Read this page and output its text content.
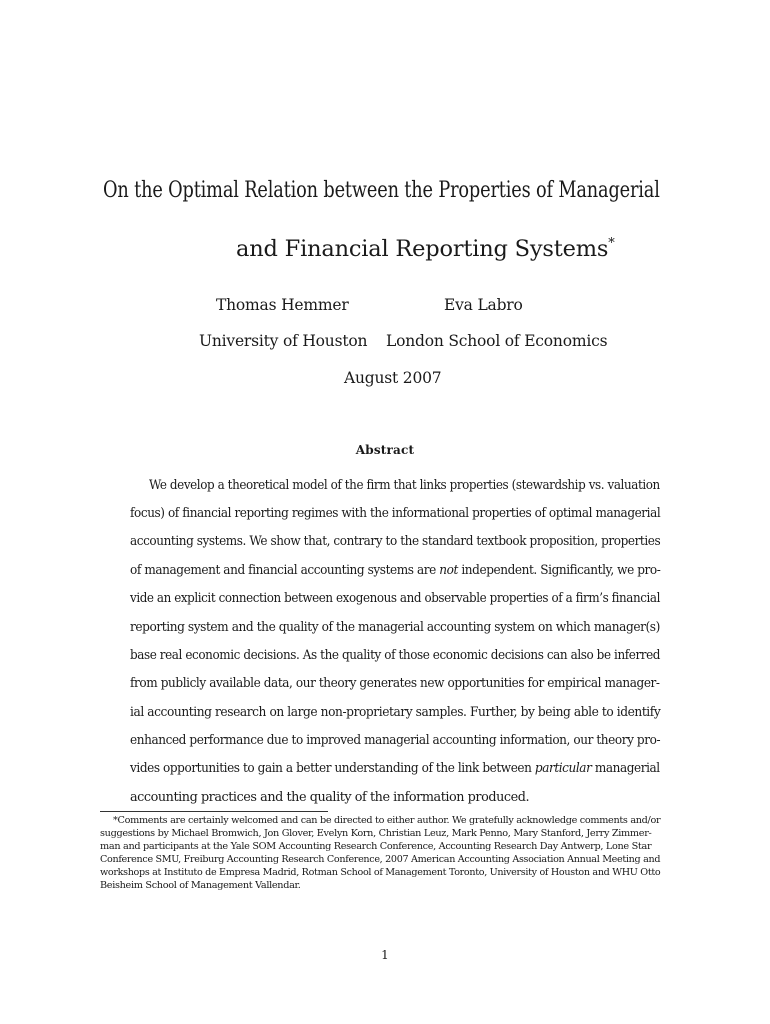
On the Optimal Relation between the Properties of Managerial
and Financial Reporting Systems*
Thomas Hemmer	Eva Labro
University of Houston London School of Economics
August 2007
Abstract
We develop a theoretical model of the firm that links properties (stewardship vs. valuation
focus) of financial reporting regimes with the informational properties of optimal managerial
accounting systems. We show that, contrary to the standard textbook proposition, properties
of management and financial accounting systems are not independent. Significantly, we pro-
vide an explicit connection between exogenous and observable properties of a firm’s financial
reporting system and the quality of the managerial accounting system on which manager(s)
base real economic decisions. As the quality of those economic decisions can also be inferred
from publicly available data, our theory generates new opportunities for empirical manager-
ial accounting research on large non-proprietary samples. Further, by being able to identify
enhanced performance due to improved managerial accounting information, our theory pro-
vides opportunities to gain a better understanding of the link between particular managerial
accounting practices and the quality of the information produced.
*Comments are certainly welcomed and can be directed to either author. We gratefully acknowledge comments and/or
suggestions by Michael Bromwich, Jon Glover, Evelyn Korn, Christian Leuz, Mark Penno, Mary Stanford, Jerry Zimmer-
man and participants at the Yale SOM Accounting Research Conference, Accounting Research Day Antwerp, Lone Star
Conference SMU, Freiburg Accounting Research Conference, 2007 American Accounting Association Annual Meeting and
workshops at Instituto de Empresa Madrid, Rotman School of Management Toronto, University of Houston and WHU Otto
Beisheim School of Management Vallendar.
1
